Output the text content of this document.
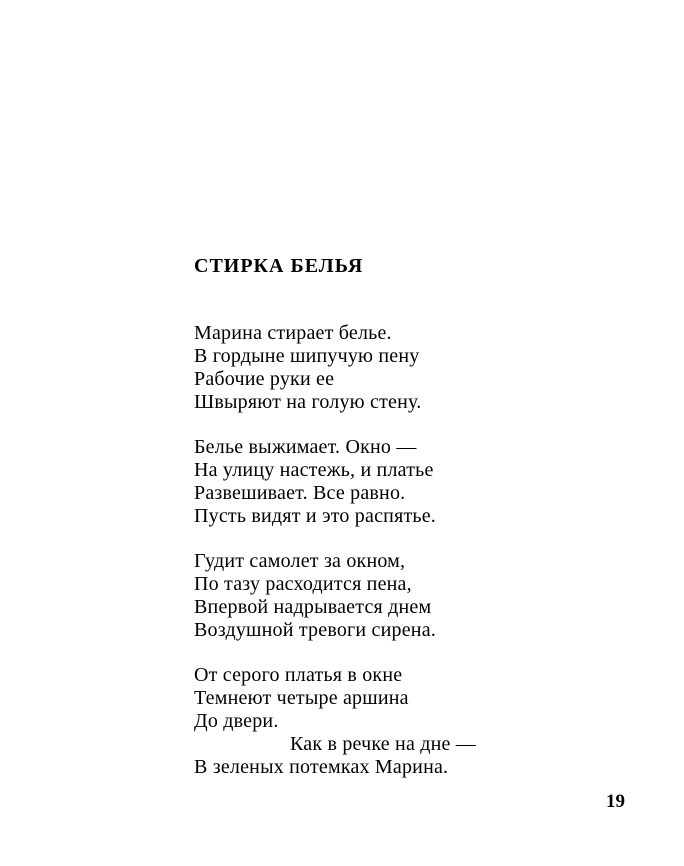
СТИРКА БЕЛЬЯ
Марина стирает белье.
В гордыне шипучую пену
Рабочие руки ее
Швыряют на голую стену.
Белье выжимает. Окно —
На улицу настежь, и платье
Развешивает. Все равно.
Пусть видят и это распятье.
Гудит самолет за окном,
По тазу расходится пена,
Впервой надрывается днем
Воздушной тревоги сирена.
От серого платья в окне
Темнеют четыре аршина
До двери.
Как в речке на дне —
В зеленых потемках Марина.
19
